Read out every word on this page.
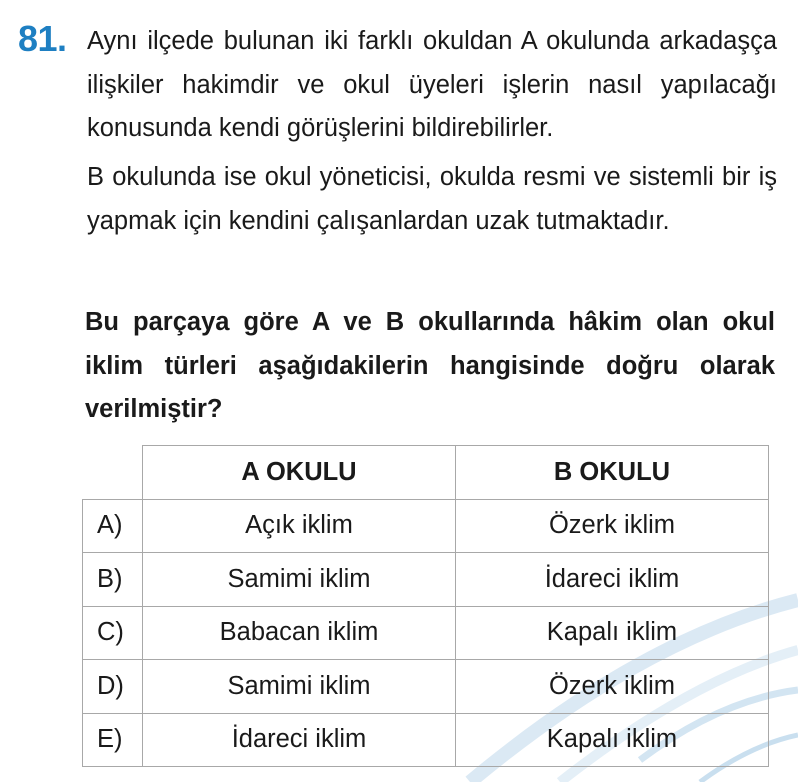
81. Aynı ilçede bulunan iki farklı okuldan A okulunda arkadaşça ilişkiler hakimdir ve okul üyeleri işlerin nasıl yapılacağı konusunda kendi görüşlerini bildirebilirler.
B okulunda ise okul yöneticisi, okulda resmi ve sistemli bir iş yapmak için kendini çalışanlardan uzak tutmaktadır.
Bu parçaya göre A ve B okullarında hâkim olan okul iklim türleri aşağıdakilerin hangisinde doğru olarak verilmiştir?
	A OKULU	B OKULU
A)	Açık iklim	Özerk iklim
B)	Samimi iklim	İdareci iklim
C)	Babacan iklim	Kapalı iklim
D)	Samimi iklim	Özerk iklim
E)	İdareci iklim	Kapalı iklim
